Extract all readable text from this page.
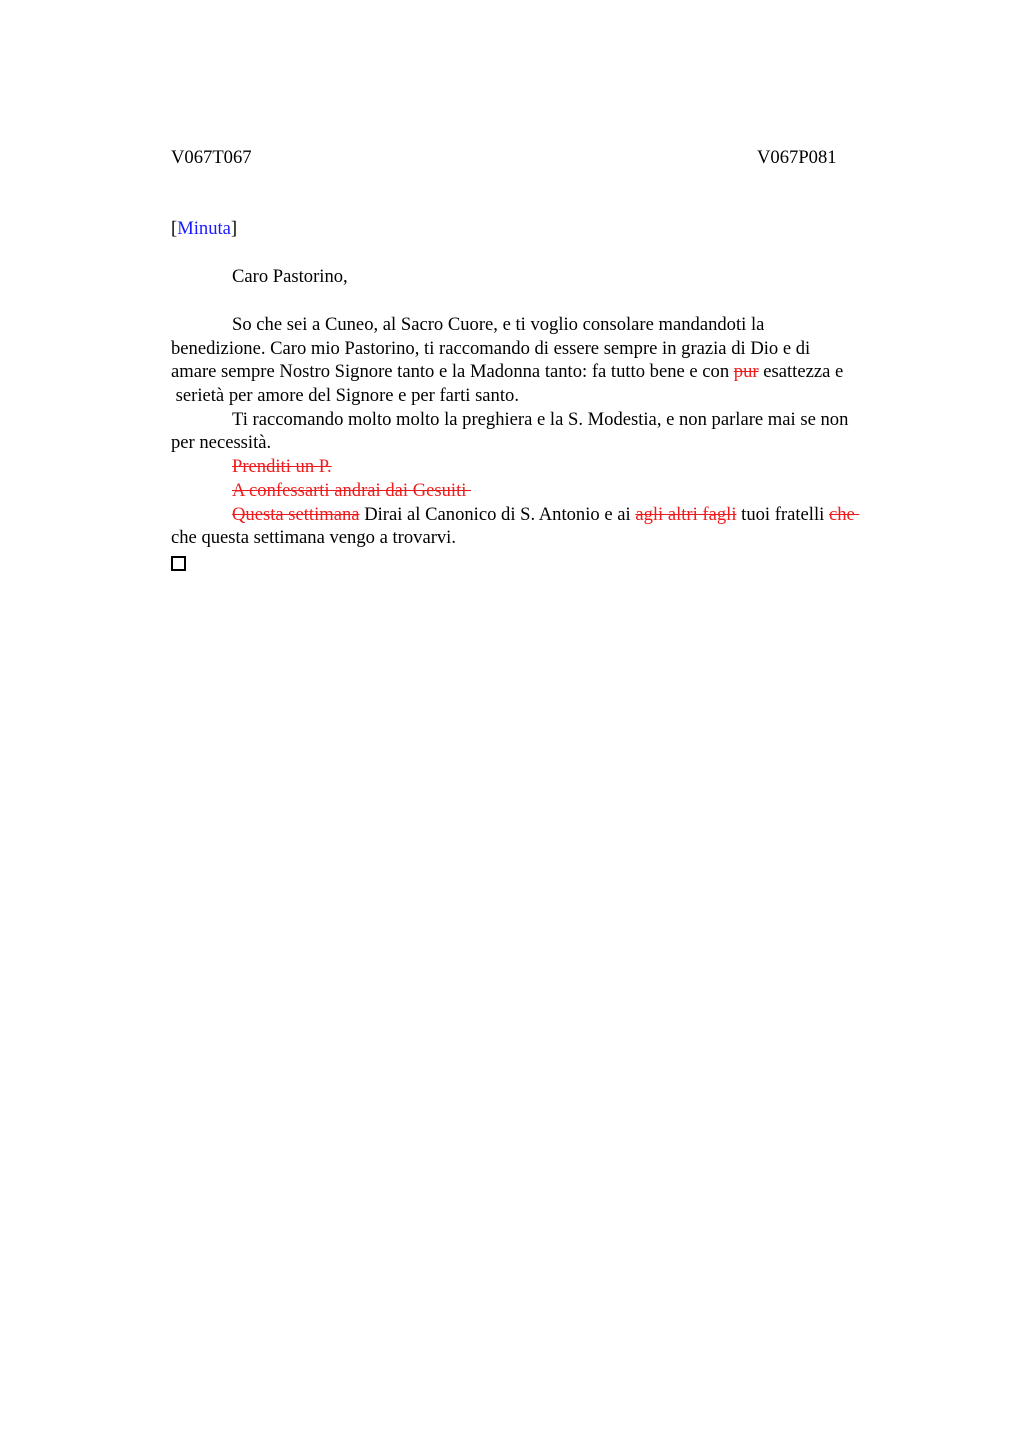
V067T067	V067P081
[Minuta]
Caro Pastorino,
So che sei a Cuneo, al Sacro Cuore, e ti voglio consolare mandandoti la
benedizione. Caro mio Pastorino, ti raccomando di essere sempre in grazia di Dio e di
amare sempre Nostro Signore tanto e la Madonna tanto: fa tutto bene e con pur esattezza e
serietà per amore del Signore e per farti santo.
Ti raccomando molto molto la preghiera e la S. Modestia, e non parlare mai se non
per necessità.
Prenditi un P.
A confessarti andrai dai Gesuiti
Questa settimana Dirai al Canonico di S. Antonio e ai agli altri fagli tuoi fratelli che
che questa settimana vengo a trovarvi.
